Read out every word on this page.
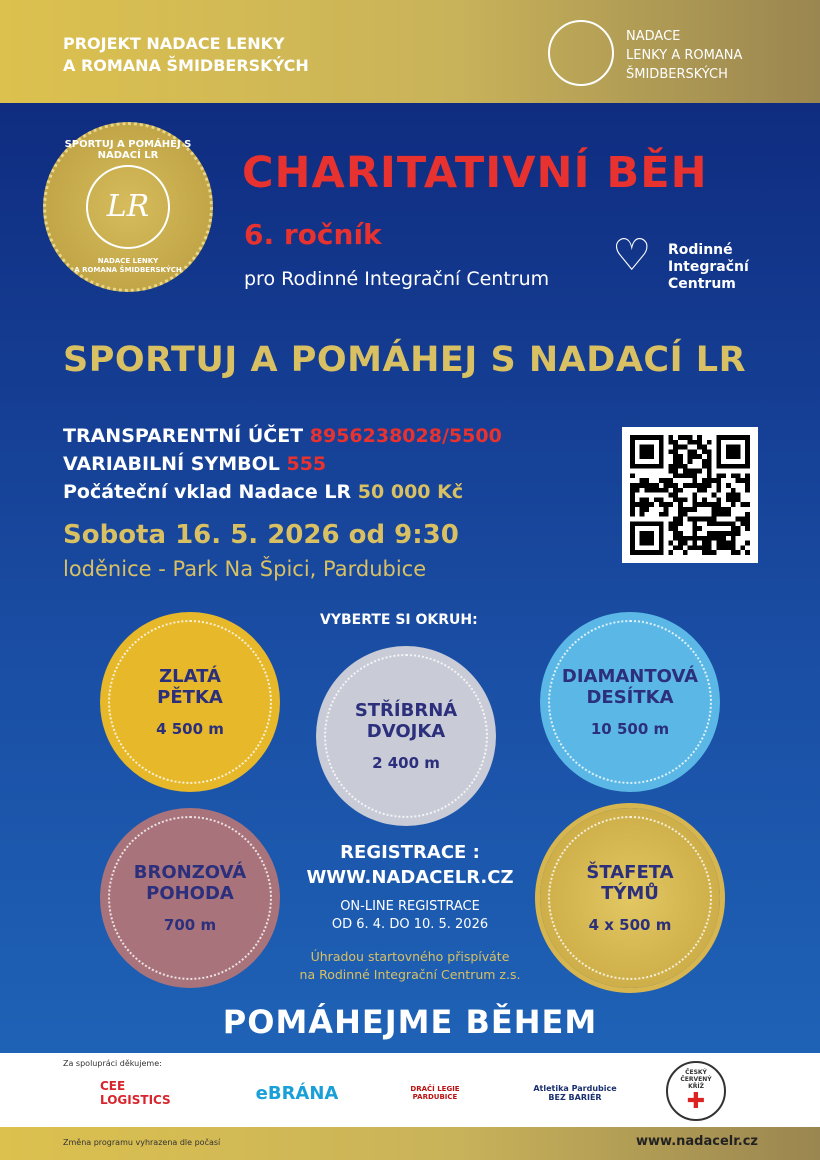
PROJEKT NADACE LENKY
A ROMANA ŠMIDBERSKÝCH
NADACE
LENKY A ROMANA
ŠMIDBERSKÝCH
SPORTUJ A POMÁHEJ S NADACÍ LR
LR
NADACE LENKY
A ROMANA ŠMIDBERSKÝCH
CHARITATIVNÍ BĚH
6. ročník
pro Rodinné Integrační Centrum ♡ Rodinné
Integrační
Centrum
SPORTUJ A POMÁHEJ S NADACÍ LR
TRANSPARENTNÍ ÚČET 8956238028/5500
VARIABILNÍ SYMBOL 555
Počáteční vklad Nadace LR 50 000 Kč
Sobota 16. 5. 2026 od 9:30
loděnice - Park Na Špici, Pardubice
VYBERTE SI OKRUH:
ZLATÁ
PĚTKA
4 500 m
STŘÍBRNÁ
DVOJKA
2 400 m
DIAMANTOVÁ
DESÍTKA
10 500 m
BRONZOVÁ
POHODA
700 m
ŠTAFETA
TÝMŮ
4 x 500 m
REGISTRACE :
WWW.NADACELR.CZ
ON-LINE REGISTRACE
OD 6. 4. DO 10. 5. 2026
Úhradou startovného přispíváte
na Rodinné Integrační Centrum z.s.
POMÁHEJME BĚHEM
Za spolupráci děkujeme:
CEE LOGISTICS	eBRÁNA	DRAČÍ LEGIE PARDUBICE
Atletika Pardubice BEZ BARIÉR
ČESKÝ ČERVENÝ KŘÍŽ
✚
Změna programu vyhrazena dle počasí	www.nadacelr.cz
